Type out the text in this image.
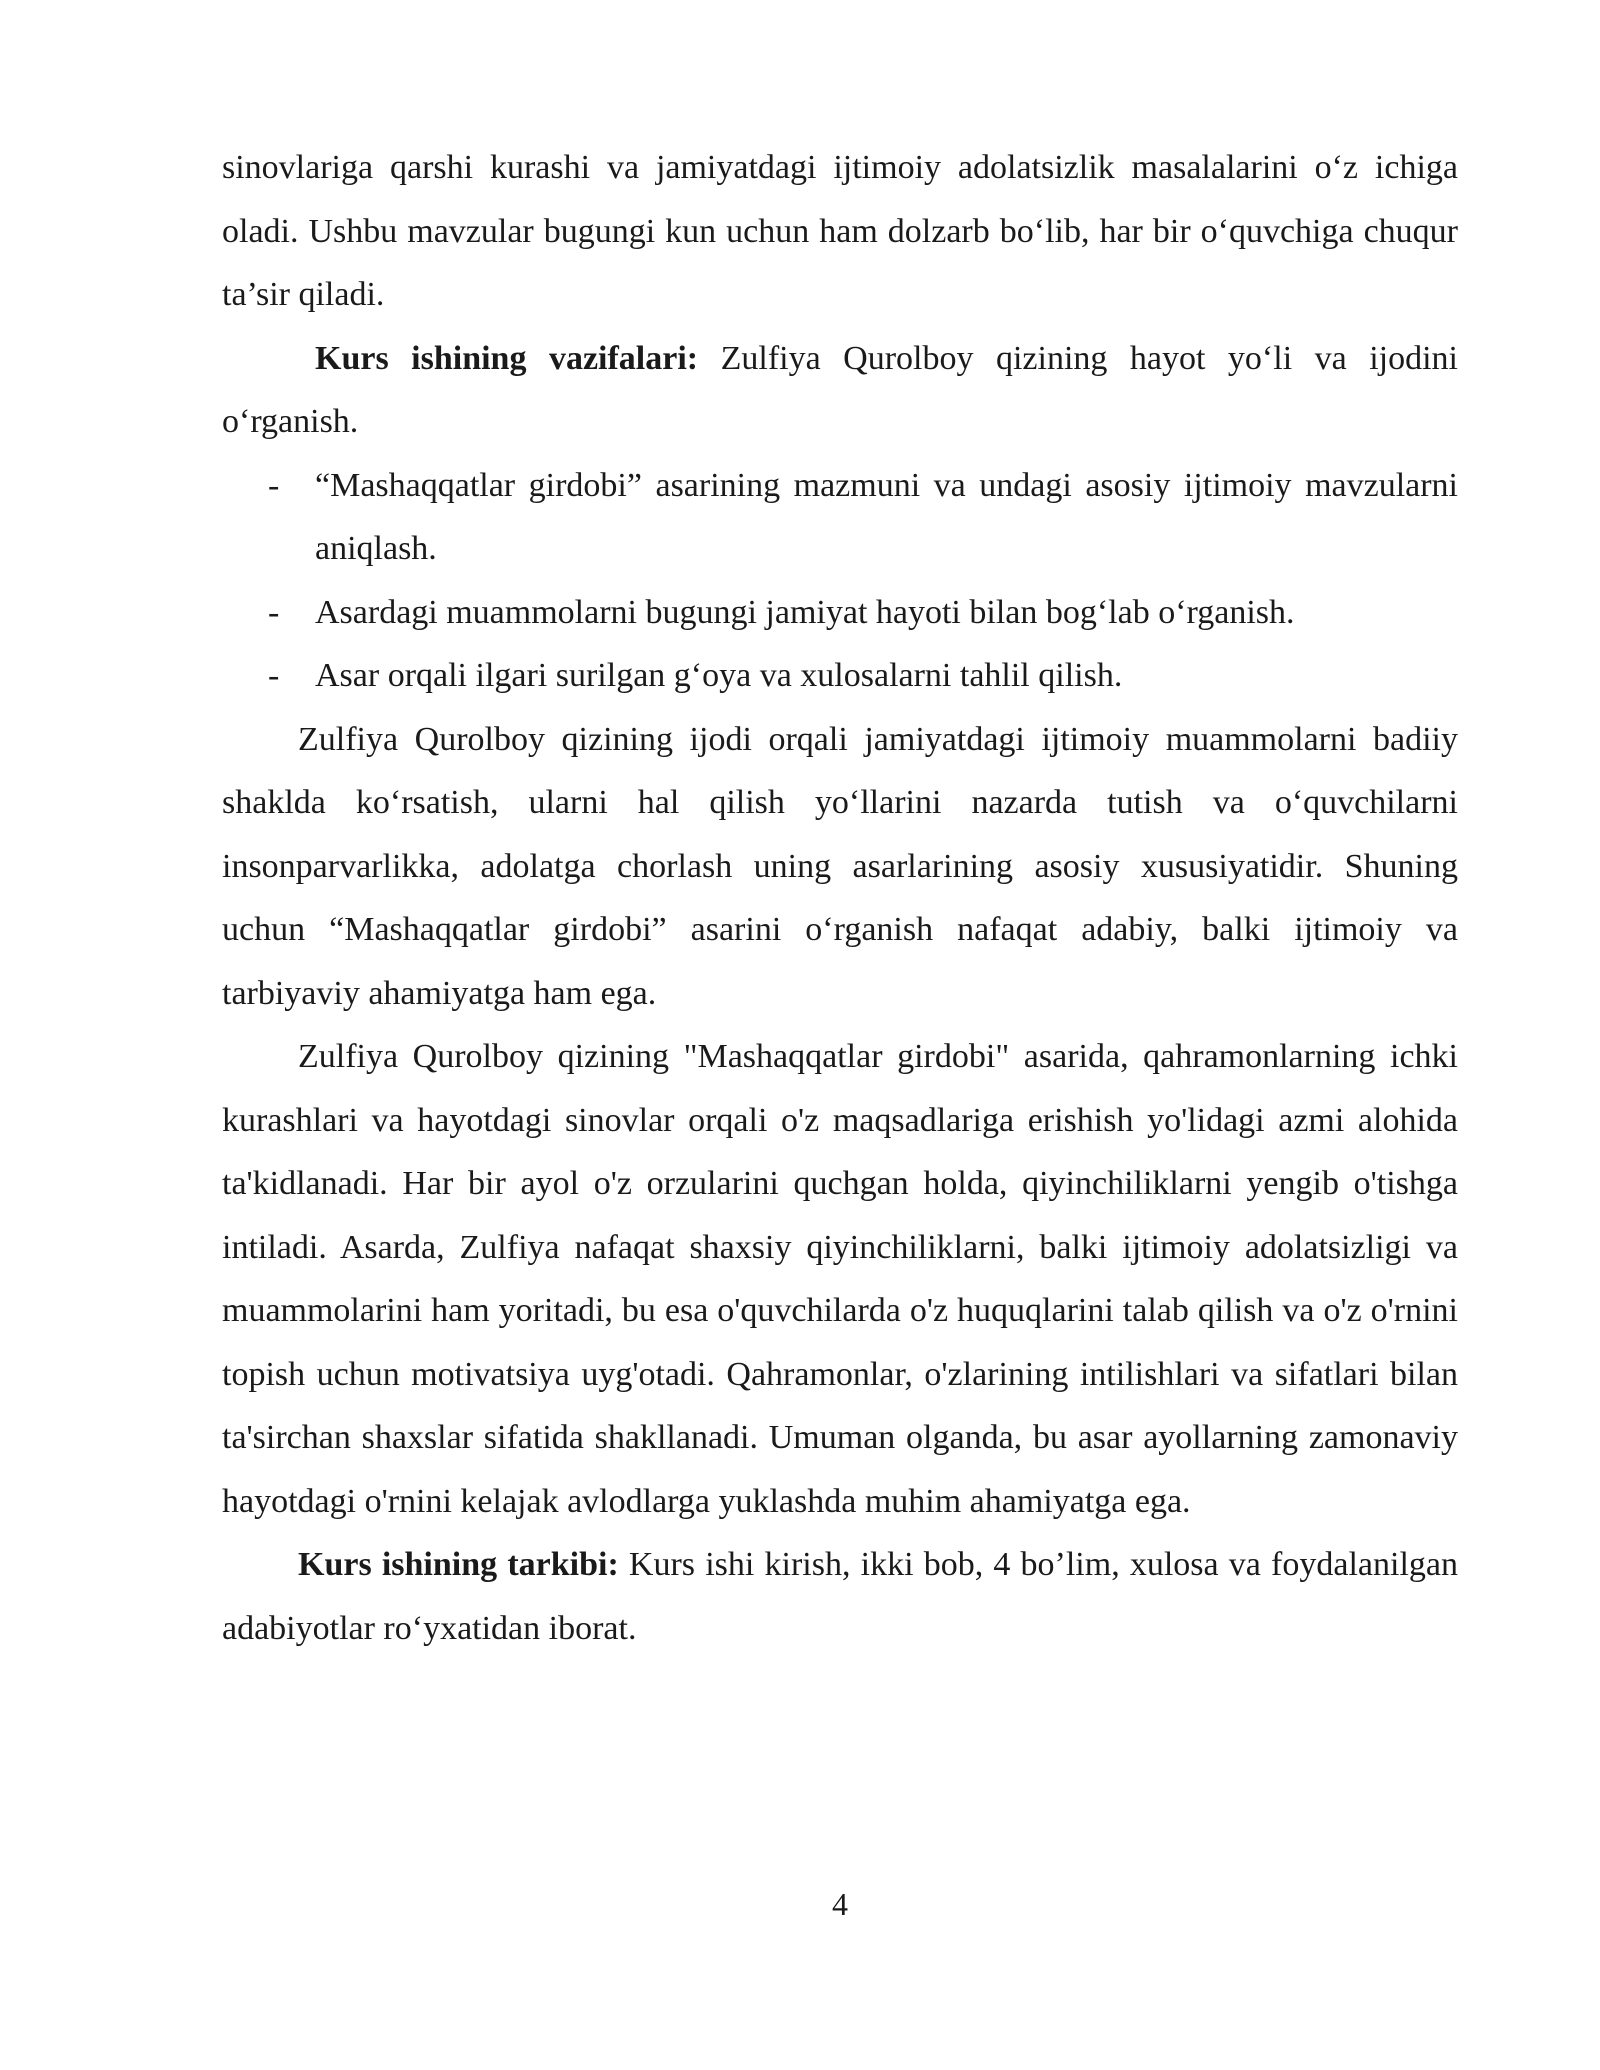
sinovlariga qarshi kurashi va jamiyatdagi ijtimoiy adolatsizlik masalalarini o‘z ichiga oladi. Ushbu mavzular bugungi kun uchun ham dolzarb bo‘lib, har bir o‘quvchiga chuqur ta’sir qiladi.

Kurs ishining vazifalari: Zulfiya Qurolboy qizining hayot yo‘li va ijodini o‘rganish.

- “Mashaqqatlar girdobi” asarining mazmuni va undagi asosiy ijtimoiy mavzularni aniqlash.
- Asardagi muammolarni bugungi jamiyat hayoti bilan bog‘lab o‘rganish.
- Asar orqali ilgari surilgan g‘oya va xulosalarni tahlil qilish.

Zulfiya Qurolboy qizining ijodi orqali jamiyatdagi ijtimoiy muammolarni badiiy shaklda ko‘rsatish, ularni hal qilish yo‘llarini nazarda tutish va o‘quvchilarni insonparvarlikka, adolatga chorlash uning asarlarining asosiy xususiyatidir. Shuning uchun “Mashaqqatlar girdobi” asarini o‘rganish nafaqat adabiy, balki ijtimoiy va tarbiyaviy ahamiyatga ham ega.

Zulfiya Qurolboy qizining "Mashaqqatlar girdobi" asarida, qahramonlarning ichki kurashlari va hayotdagi sinovlar orqali o'z maqsadlariga erishish yo'lidagi azmi alohida ta'kidlanadi. Har bir ayol o'z orzularini quchgan holda, qiyinchiliklarni yengib o'tishga intiladi. Asarda, Zulfiya nafaqat shaxsiy qiyinchiliklarni, balki ijtimoiy adolatsizligi va muammolarini ham yoritadi, bu esa o'quvchilarda o'z huquqlarini talab qilish va o'z o'rnini topish uchun motivatsiya uyg'otadi. Qahramonlar, o'zlarining intilishlari va sifatlari bilan ta'sirchan shaxslar sifatida shakllanadi. Umuman olganda, bu asar ayollarning zamonaviy hayotdagi o'rnini kelajak avlodlarga yuklashda muhim ahamiyatga ega.

Kurs ishining tarkibi: Kurs ishi kirish, ikki bob, 4 bo’lim, xulosa va foydalanilgan adabiyotlar ro‘yxatidan iborat.

4
